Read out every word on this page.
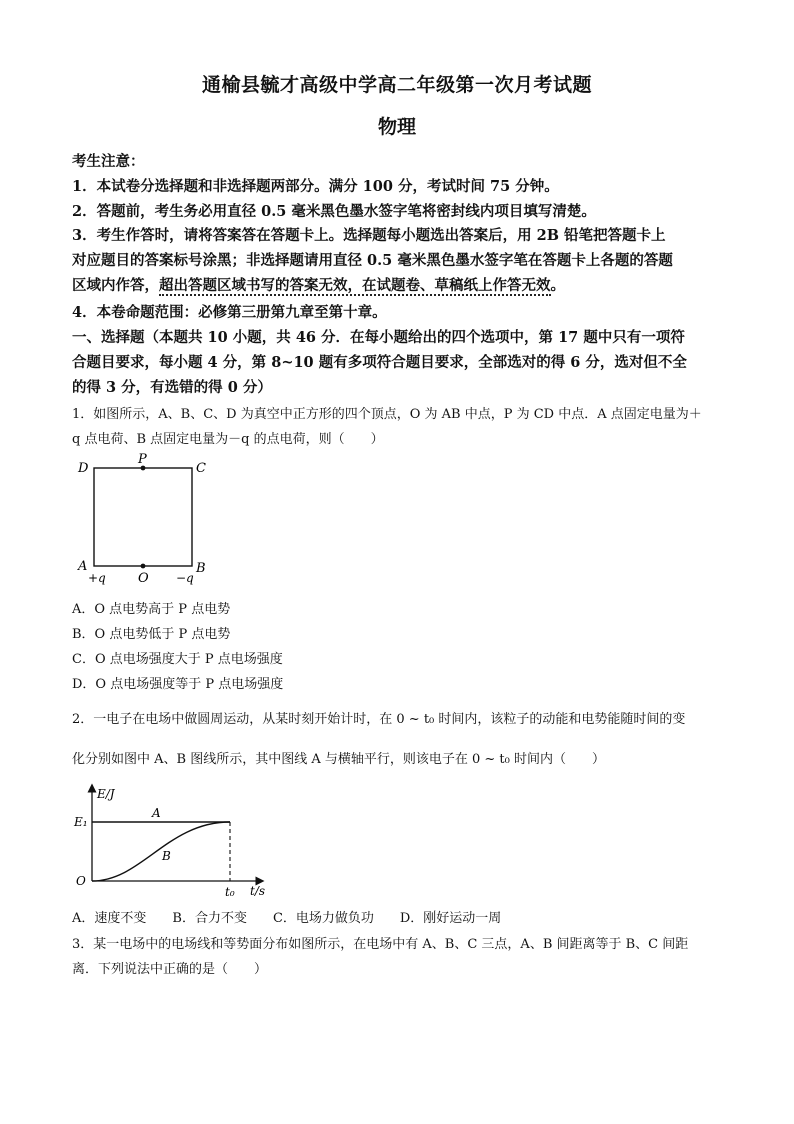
通榆县毓才高级中学高二年级第一次月考试题
物理
考生注意：
1．本试卷分选择题和非选择题两部分。满分 100 分，考试时间 75 分钟。
2．答题前，考生务必用直径 0.5 毫米黑色墨水签字笔将密封线内项目填写清楚。
3．考生作答时，请将答案答在答题卡上。选择题每小题选出答案后，用 2B 铅笔把答题卡上
对应题目的答案标号涂黑；非选择题请用直径 0.5 毫米黑色墨水签字笔在答题卡上各题的答题
区域内作答，超出答题区域书写的答案无效，在试题卷、草稿纸上作答无效。
4．本卷命题范围：必修第三册第九章至第十章。
一、选择题（本题共 10 小题，共 46 分．在每小题给出的四个选项中，第 17 题中只有一项符
合题目要求，每小题 4 分，第 8~10 题有多项符合题目要求，全部选对的得 6 分，选对但不全
的得 3 分，有选错的得 0 分）
1．如图所示，A、B、C、D 为真空中正方形的四个顶点，O 为 AB 中点，P 为 CD 中点．A 点固定电量为＋
q 点电荷、B 点固定电量为－q 的点电荷，则（　　）
D
P
C
A
O
B
+q	−q
A．O 点电势高于 P 点电势
B．O 点电势低于 P 点电势
C．O 点电场强度大于 P 点电场强度
D．O 点电场强度等于 P 点电场强度
2．一电子在电场中做圆周运动，从某时刻开始计时，在 0 ~ t₀ 时间内，该粒子的动能和电势能随时间的变
化分别如图中 A、B 图线所示，其中图线 A 与横轴平行，则该电子在 0 ~ t₀ 时间内（　　）
E/J
t/s
O
E₁
t₀
A
B
A．速度不变　　B．合力不变　　C．电场力做负功　　D．刚好运动一周
3．某一电场中的电场线和等势面分布如图所示，在电场中有 A、B、C 三点，A、B 间距离等于 B、C 间距
离．下列说法中正确的是（　　）
